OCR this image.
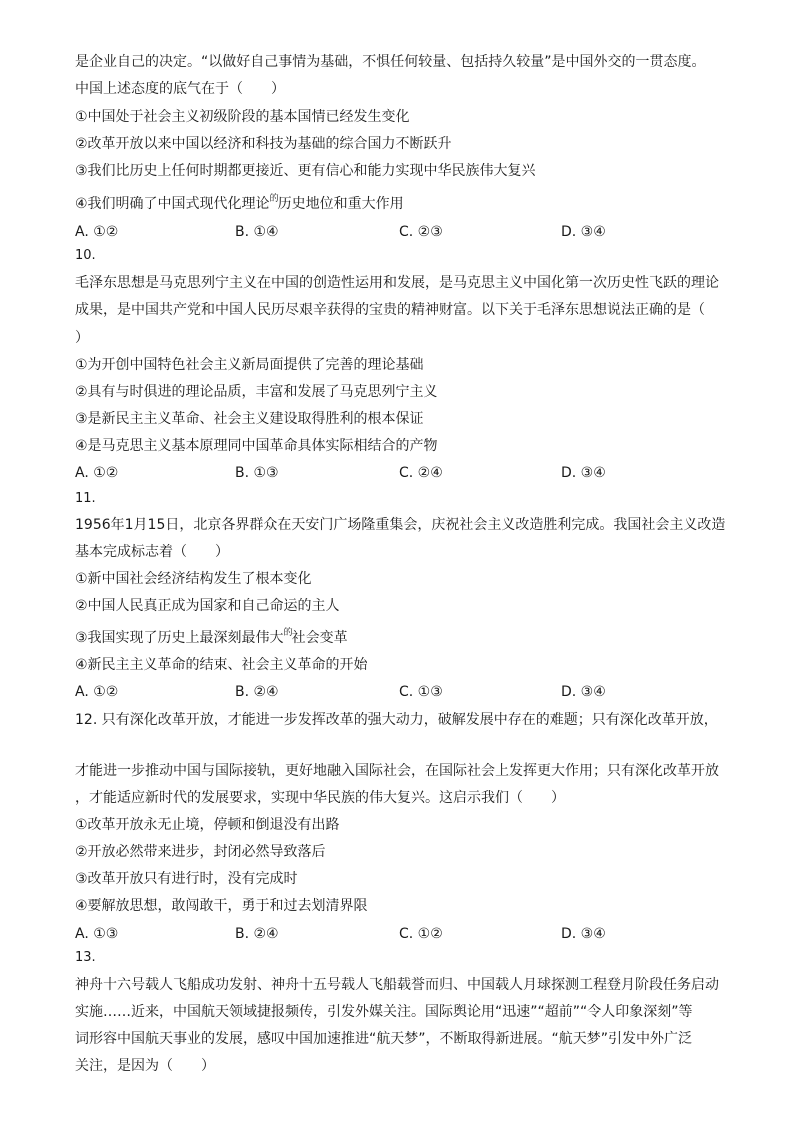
是企业自己的决定。“以做好自己事情为基础，不惧任何较量、包括持久较量”是中国外交的一贯态度。
中国上述态度的底气在于（　　）
①中国处于社会主义初级阶段的基本国情已经发生变化
②改革开放以来中国以经济和科技为基础的综合国力不断跃升
③我们比历史上任何时期都更接近、更有信心和能力实现中华民族伟大复兴
④我们明确了中国式现代化理论$^的$历史地位和重大作用
A. ①②	B. ①④	C. ②③	D. ③④
10.
毛泽东思想是马克思列宁主义在中国的创造性运用和发展，是马克思主义中国化第一次历史性飞跃的理论
成果，是中国共产党和中国人民历尽艰辛获得的宝贵的精神财富。以下关于毛泽东思想说法正确的是（
）
①为开创中国特色社会主义新局面提供了完善的理论基础
②具有与时俱进的理论品质，丰富和发展了马克思列宁主义
③是新民主主义革命、社会主义建设取得胜利的根本保证
④是马克思主义基本原理同中国革命具体实际相结合的产物
A. ①②	B. ①③	C. ②④	D. ③④
11.
1956年1月15日，北京各界群众在天安门广场隆重集会，庆祝社会主义改造胜利完成。我国社会主义改造
基本完成标志着（　　）
①新中国社会经济结构发生了根本变化
②中国人民真正成为国家和自己命运的主人
③我国实现了历史上最深刻最伟大$^的$社会变革
④新民主主义革命的结束、社会主义革命的开始
A. ①②	B. ②④	C. ①③	D. ③④
12. 只有深化改革开放，才能进一步发挥改革的强大动力，破解发展中存在的难题；只有深化改革开放，
才能进一步推动中国与国际接轨，更好地融入国际社会，在国际社会上发挥更大作用；只有深化改革开放
，才能适应新时代的发展要求，实现中华民族的伟大复兴。这启示我们（　　）
①改革开放永无止境，停顿和倒退没有出路
②开放必然带来进步，封闭必然导致落后
③改革开放只有进行时，没有完成时
④要解放思想，敢闯敢干，勇于和过去划清界限
A. ①③	B. ②④	C. ①②	D. ③④
13.
神舟十六号载人飞船成功发射、神舟十五号载人飞船载誉而归、中国载人月球探测工程登月阶段任务启动
实施……近来，中国航天领域捷报频传，引发外媒关注。国际舆论用“迅速”“超前”“令人印象深刻”等
词形容中国航天事业的发展，感叹中国加速推进“航天梦”，不断取得新进展。“航天梦”引发中外广泛
关注，是因为（　　）
